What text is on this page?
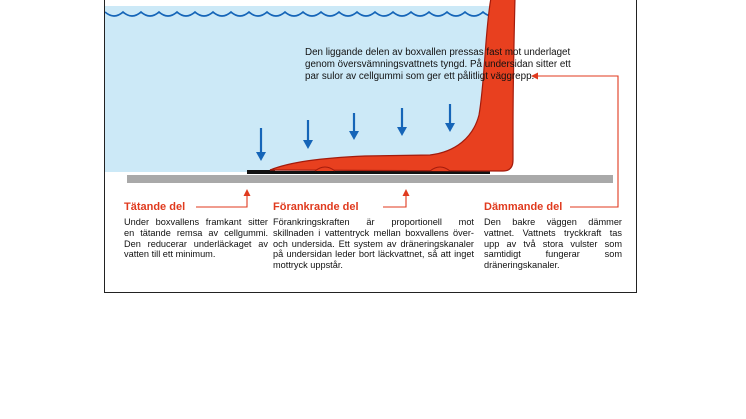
Den liggande delen av boxvallen pressas fast mot underlaget genom översvämningsvattnets tyngd. På undersidan sitter ett par sulor av cellgummi som ger ett pålitligt väggrepp.
Tätande del
Under boxvallens framkant sitter en tätande remsa av cellgummi. Den reducerar underläckaget av vatten till ett minimum.
Förankrande del
Förankringskraften är proportionell mot skillnaden i vattentryck mellan boxvallens över- och undersida. Ett system av dräneringskanaler på undersidan leder bort läckvattnet, så att inget mottryck uppstår.
Dämmande del
Den bakre väggen dämmer vattnet. Vattnets tryckkraft tas upp av två stora vulster som samtidigt fungerar som dräneringskanaler.
